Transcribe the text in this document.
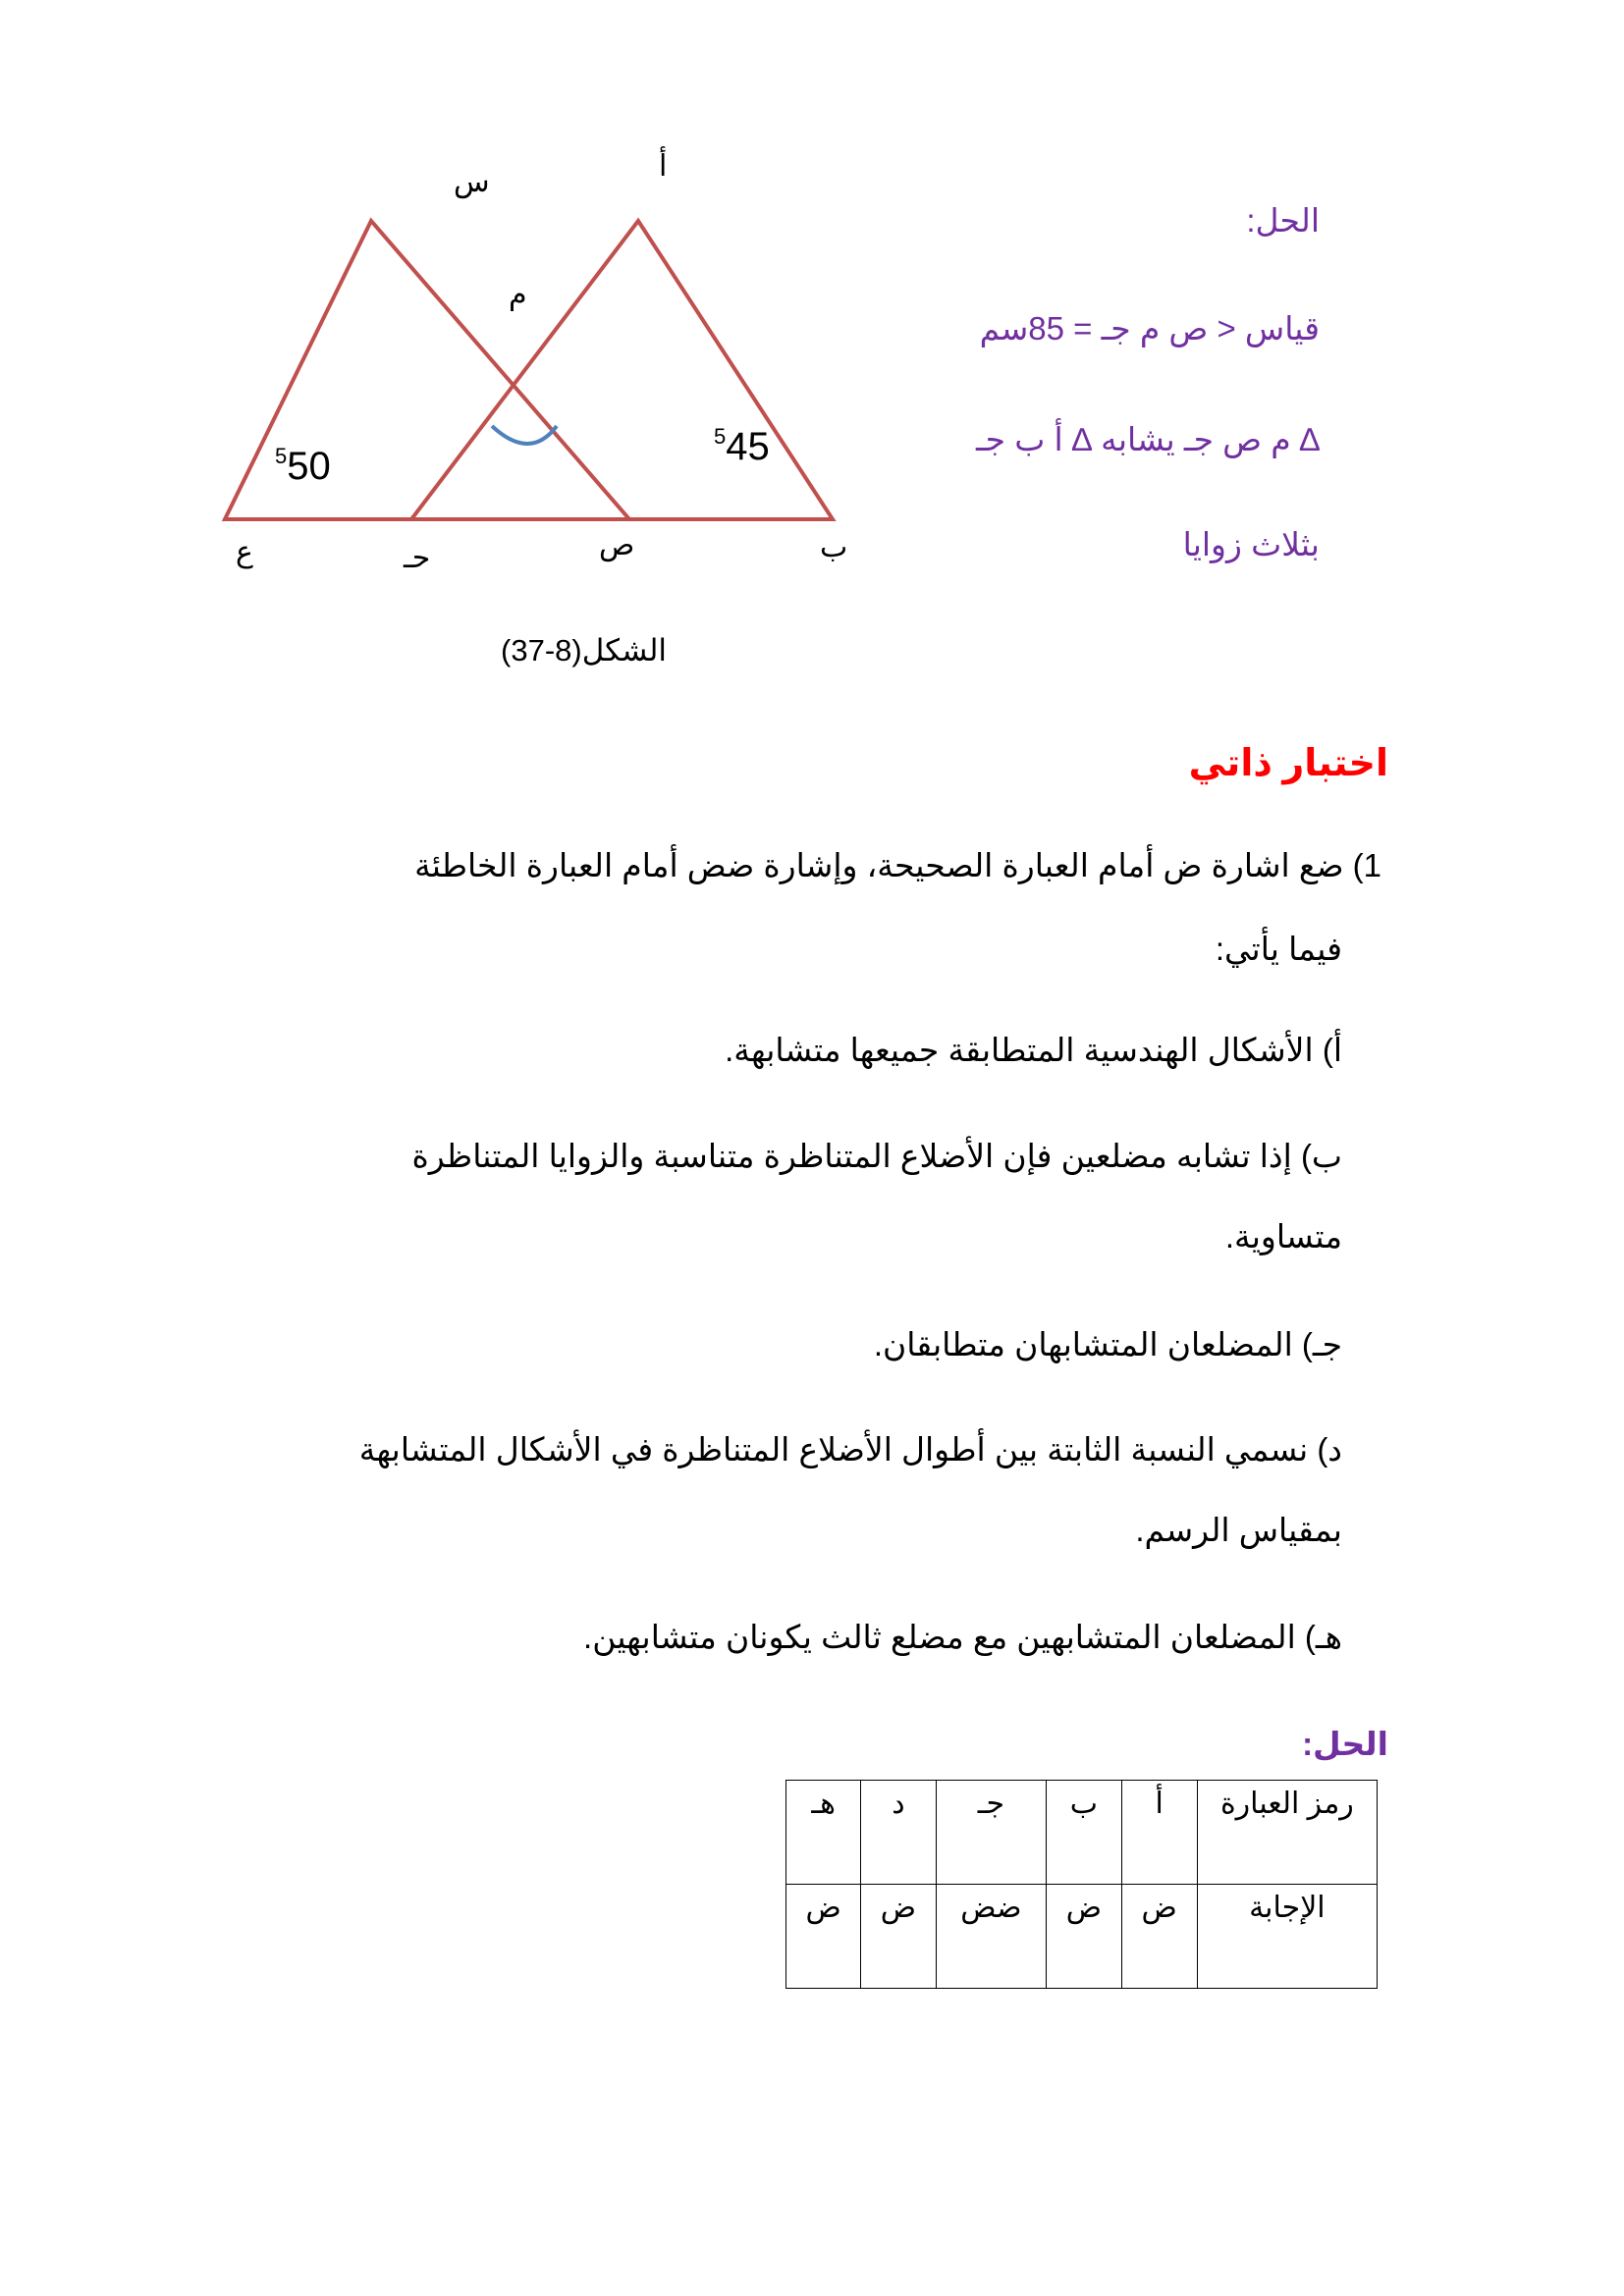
س	أ
م
ع	حـ	ص	ب
$^5$50
$^5$45
الشكل(8-37)
الحل:
قياس < ص م جـ = 85سم
∆ م ص جـ يشابه ∆ أ ب جـ
بثلاث زوايا
اختبار ذاتي
1) ضع اشارة ض أمام العبارة الصحيحة، وإشارة ضض أمام العبارة الخاطئة
فيما يأتي:
أ) الأشكال الهندسية المتطابقة جميعها متشابهة.
ب) إذا تشابه مضلعين فإن الأضلاع المتناظرة متناسبة والزوايا المتناظرة
متساوية.
جـ) المضلعان المتشابهان متطابقان.
د) نسمي النسبة الثابتة بين أطوال الأضلاع المتناظرة في الأشكال المتشابهة
بمقياس الرسم.
هـ) المضلعان المتشابهين مع مضلع ثالث يكونان متشابهين.
الحل:
رمز العبارة	أ	ب	جـ	د	هـ
الإجابة	ض	ض	ضض	ض	ض
